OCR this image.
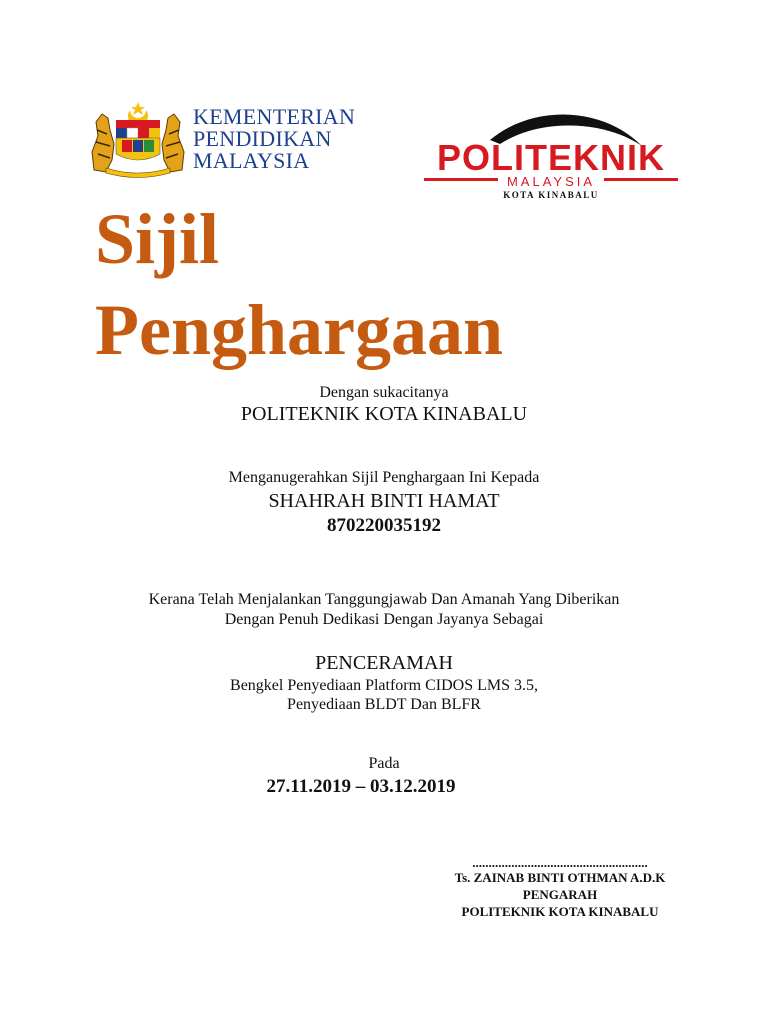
KEMENTERIAN
PENDIDIKAN
MALAYSIA	POLITEKNIK
MALAYSIA
KOTA KINABALU
Sijil
Penghargaan
Dengan sukacitanya
POLITEKNIK KOTA KINABALU
Menganugerahkan Sijil Penghargaan Ini Kepada
SHAHRAH BINTI HAMAT
870220035192
Kerana Telah Menjalankan Tanggungjawab Dan Amanah Yang Diberikan
Dengan Penuh Dedikasi Dengan Jayanya Sebagai
PENCERAMAH
Bengkel Penyediaan Platform CIDOS LMS 3.5,
Penyediaan BLDT Dan BLFR
Pada
27.11.2019 – 03.12.2019
......................................................
Ts. ZAINAB BINTI OTHMAN A.D.K
PENGARAH
POLITEKNIK KOTA KINABALU
